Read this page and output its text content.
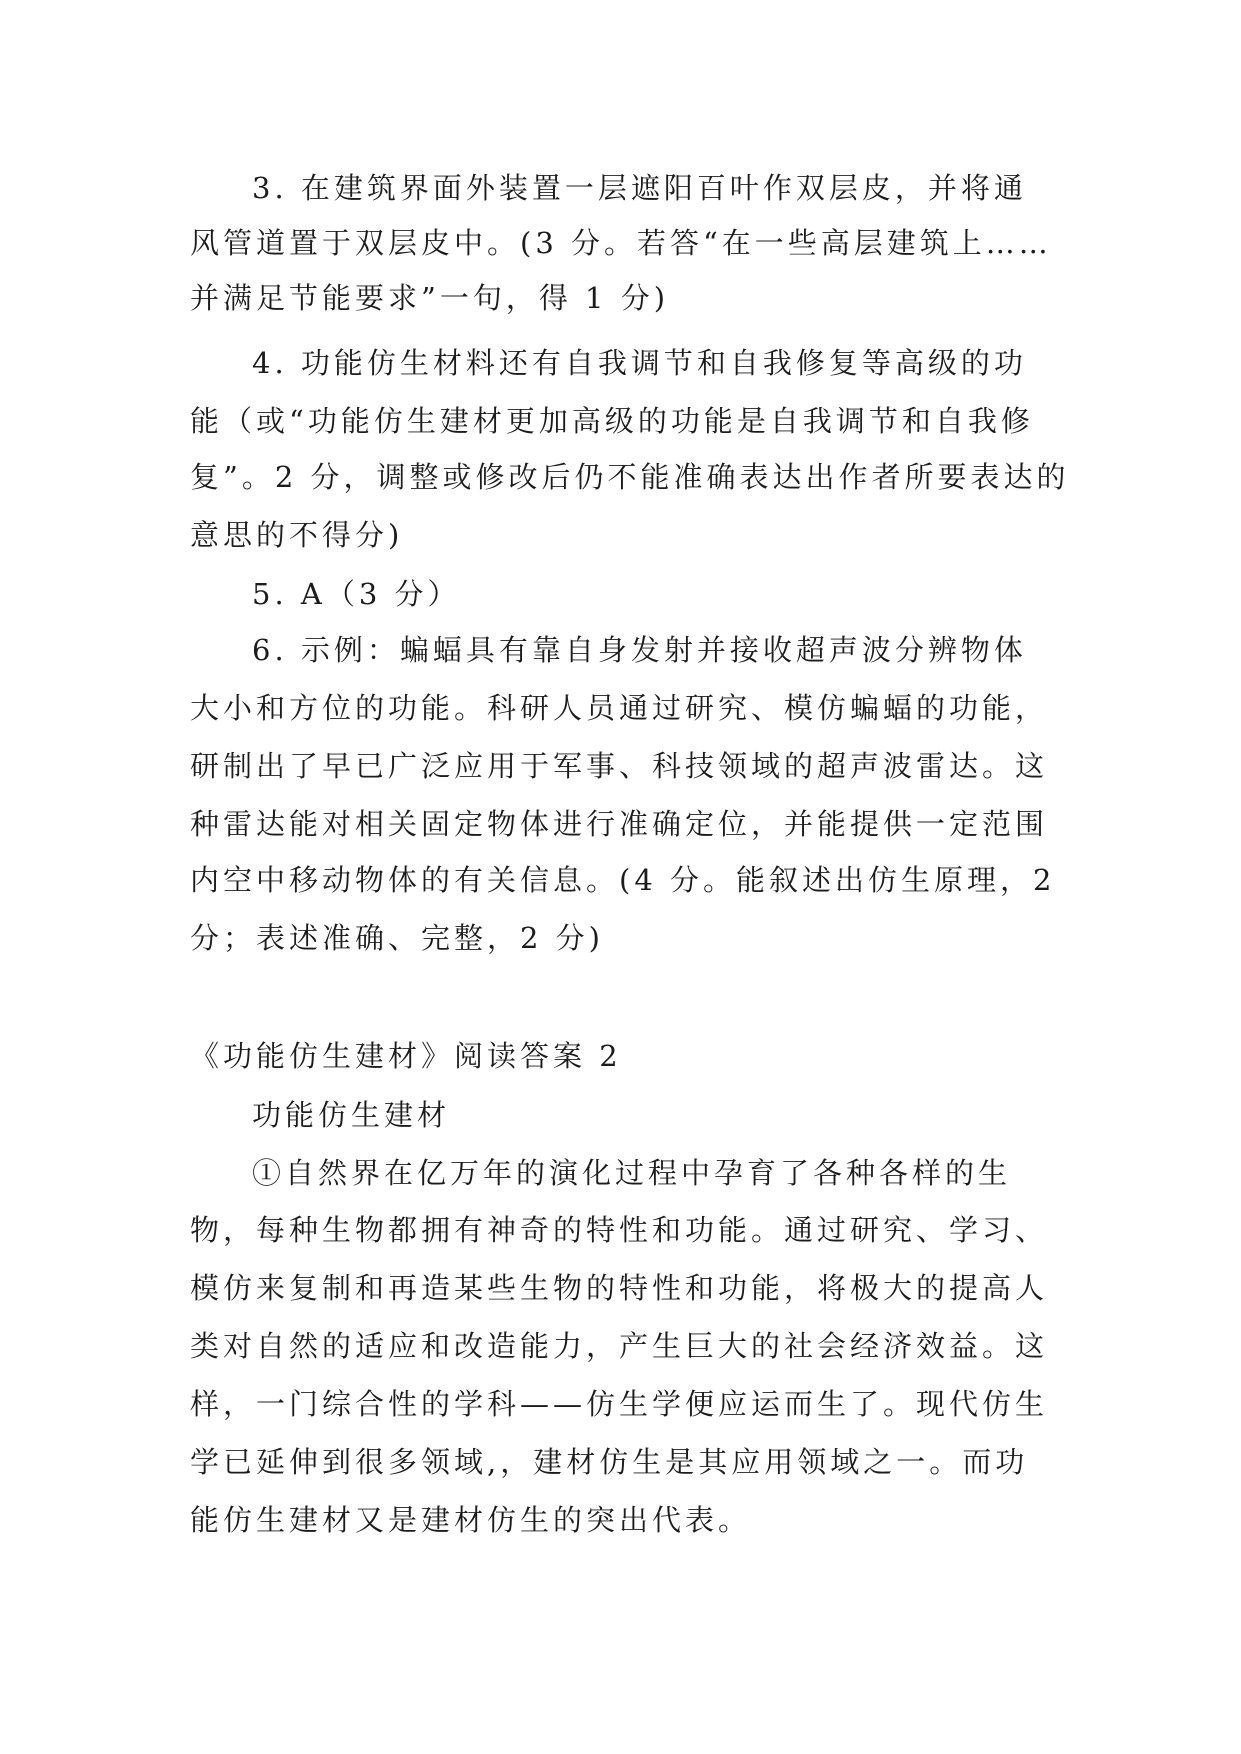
3. 在建筑界面外装置一层遮阳百叶作双层皮，并将通

风管道置于双层皮中。(3 分。若答“在一些高层建筑上……

并满足节能要求”一句，得 1 分)

4. 功能仿生材料还有自我调节和自我修复等高级的功

能（或“功能仿生建材更加高级的功能是自我调节和自我修

复”。2 分，调整或修改后仍不能准确表达出作者所要表达的

意思的不得分)

5. A（3 分）

6. 示例：蝙蝠具有靠自身发射并接收超声波分辨物体

大小和方位的功能。科研人员通过研究、模仿蝙蝠的功能，

研制出了早已广泛应用于军事、科技领域的超声波雷达。这

种雷达能对相关固定物体进行准确定位，并能提供一定范围

内空中移动物体的有关信息。(4 分。能叙述出仿生原理，2

分；表述准确、完整，2 分)

《功能仿生建材》阅读答案 2

功能仿生建材

①自然界在亿万年的演化过程中孕育了各种各样的生

物，每种生物都拥有神奇的特性和功能。通过研究、学习、

模仿来复制和再造某些生物的特性和功能，将极大的提高人

类对自然的适应和改造能力，产生巨大的社会经济效益。这

样，一门综合性的学科——仿生学便应运而生了。现代仿生

学已延伸到很多领域,，建材仿生是其应用领域之一。而功

能仿生建材又是建材仿生的突出代表。
